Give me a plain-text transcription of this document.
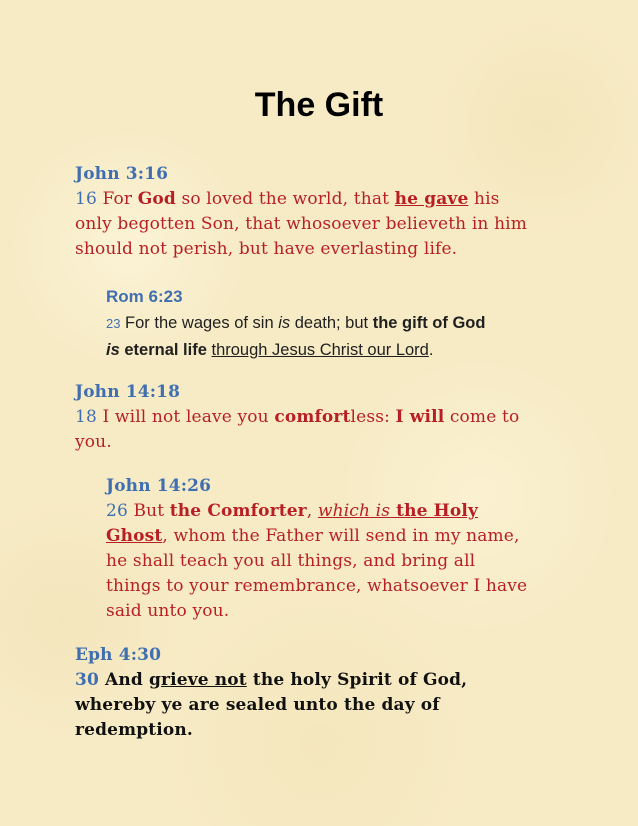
The Gift
John 3:16
16 For God so loved the world, that he gave his
only begotten Son, that whosoever believeth in him
should not perish, but have everlasting life.
Rom 6:23
23 For the wages of sin is death; but the gift of God
is eternal life through Jesus Christ our Lord.
John 14:18
18 I will not leave you comfortless: I will come to
you.
John 14:26
26 But the Comforter, which is the Holy
Ghost, whom the Father will send in my name,
he shall teach you all things, and bring all
things to your remembrance, whatsoever I have
said unto you.
Eph 4:30
30 And grieve not the holy Spirit of God,
whereby ye are sealed unto the day of
redemption.
